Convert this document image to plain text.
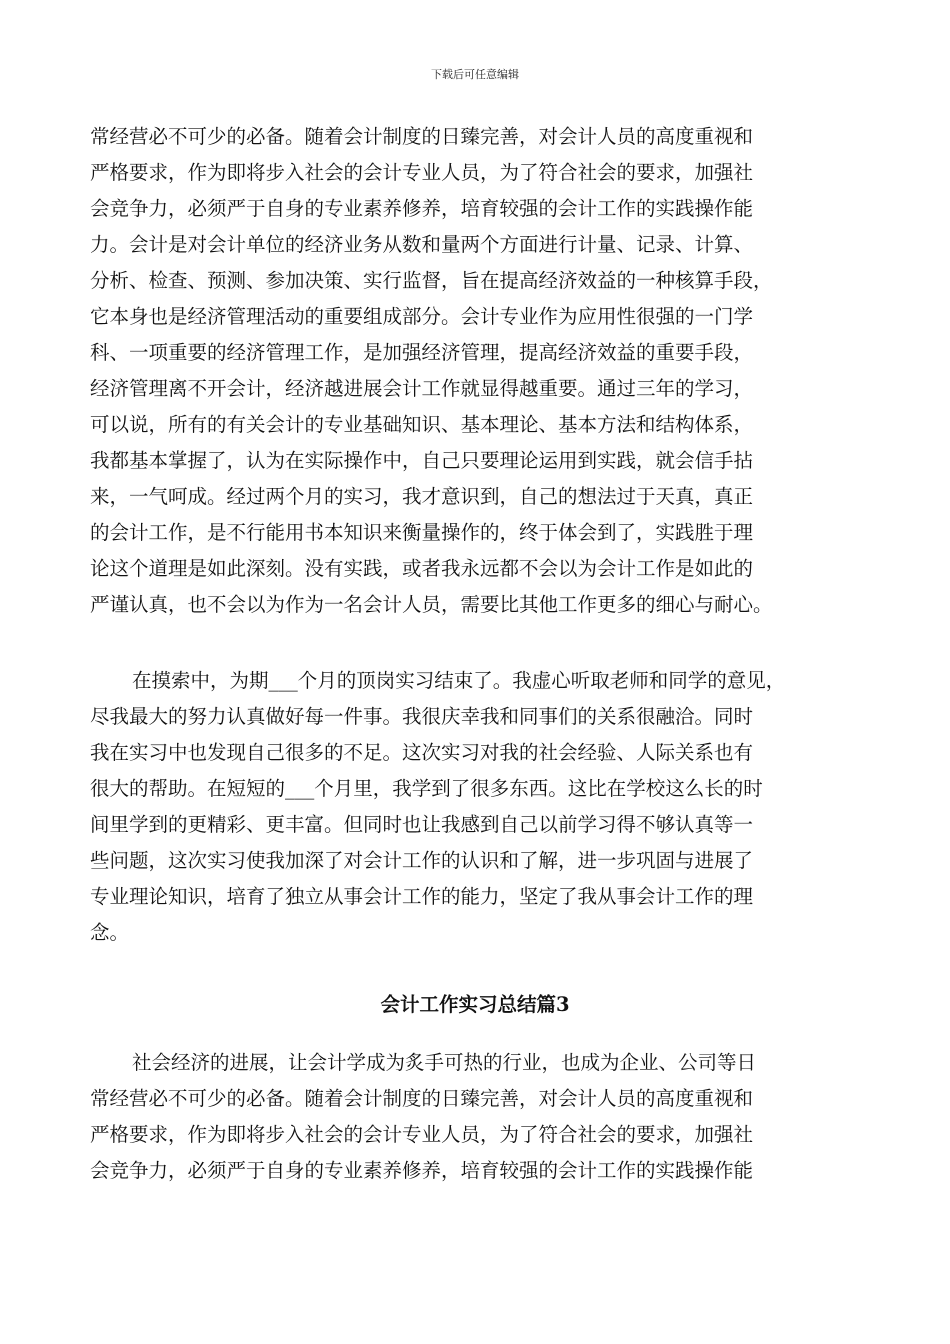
下载后可任意编辑
常经营必不可少的必备。随着会计制度的日臻完善，对会计人员的高度重视和
严格要求，作为即将步入社会的会计专业人员，为了符合社会的要求，加强社
会竞争力，必须严于自身的专业素养修养，培育较强的会计工作的实践操作能
力。会计是对会计单位的经济业务从数和量两个方面进行计量、记录、计算、
分析、检查、预测、参加决策、实行监督，旨在提高经济效益的一种核算手段，
它本身也是经济管理活动的重要组成部分。会计专业作为应用性很强的一门学
科、一项重要的经济管理工作，是加强经济管理，提高经济效益的重要手段，
经济管理离不开会计，经济越进展会计工作就显得越重要。通过三年的学习，
可以说，所有的有关会计的专业基础知识、基本理论、基本方法和结构体系，
我都基本掌握了，认为在实际操作中，自己只要理论运用到实践，就会信手拈
来，一气呵成。经过两个月的实习，我才意识到，自己的想法过于天真，真正
的会计工作，是不行能用书本知识来衡量操作的，终于体会到了，实践胜于理
论这个道理是如此深刻。没有实践，或者我永远都不会以为会计工作是如此的
严谨认真，也不会以为作为一名会计人员，需要比其他工作更多的细心与耐心。
在摸索中，为期___个月的顶岗实习结束了。我虚心听取老师和同学的意见，
尽我最大的努力认真做好每一件事。我很庆幸我和同事们的关系很融洽。同时
我在实习中也发现自己很多的不足。这次实习对我的社会经验、人际关系也有
很大的帮助。在短短的___个月里，我学到了很多东西。这比在学校这么长的时
间里学到的更精彩、更丰富。但同时也让我感到自己以前学习得不够认真等一
些问题，这次实习使我加深了对会计工作的认识和了解，进一步巩固与进展了
专业理论知识，培育了独立从事会计工作的能力，坚定了我从事会计工作的理
念。
会计工作实习总结篇3
社会经济的进展，让会计学成为炙手可热的行业，也成为企业、公司等日
常经营必不可少的必备。随着会计制度的日臻完善，对会计人员的高度重视和
严格要求，作为即将步入社会的会计专业人员，为了符合社会的要求，加强社
会竞争力，必须严于自身的专业素养修养，培育较强的会计工作的实践操作能
